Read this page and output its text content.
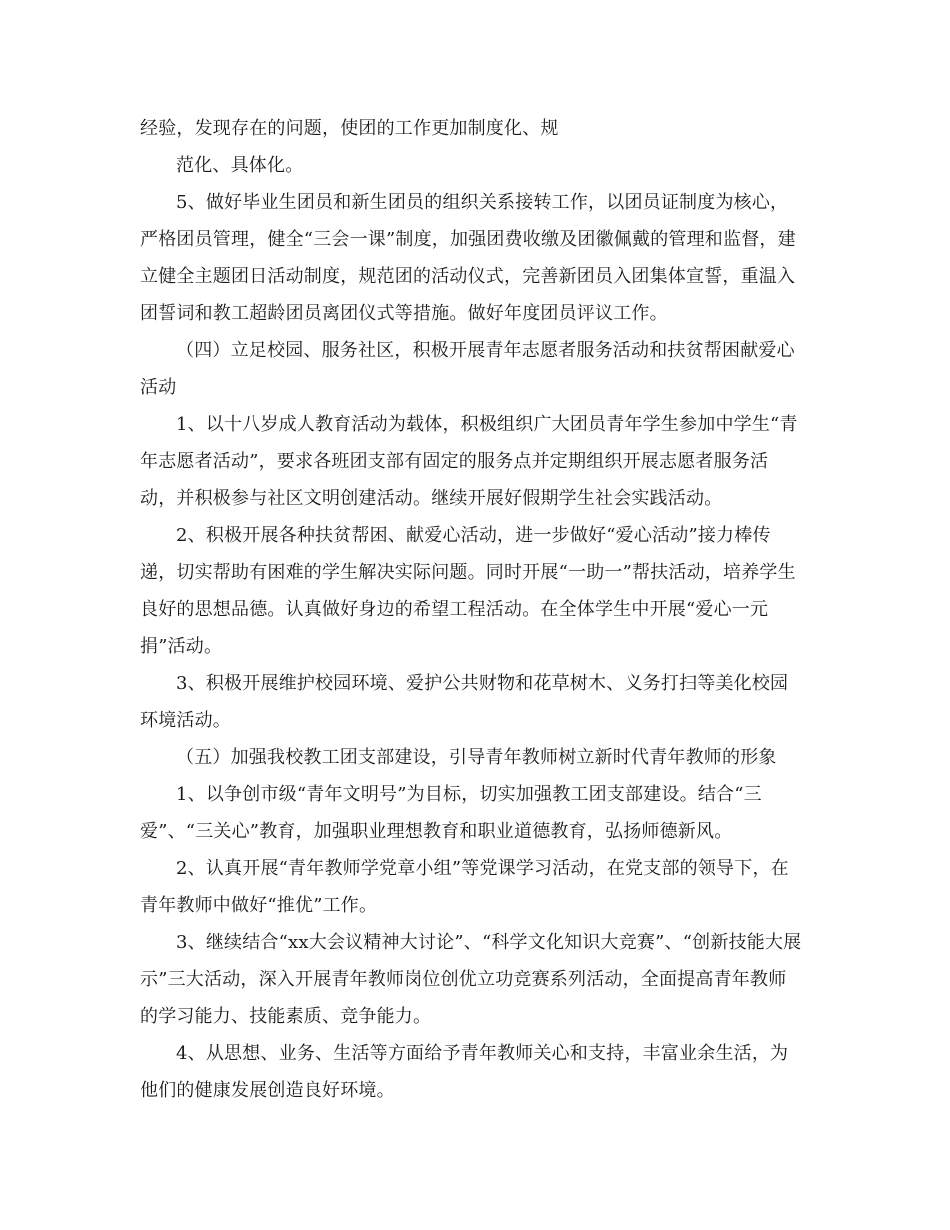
经验，发现存在的问题，使团的工作更加制度化、规
范化、具体化。
5、做好毕业生团员和新生团员的组织关系接转工作，以团员证制度为核心，
严格团员管理，健全“三会一课”制度，加强团费收缴及团徽佩戴的管理和监督，建
立健全主题团日活动制度，规范团的活动仪式，完善新团员入团集体宣誓，重温入
团誓词和教工超龄团员离团仪式等措施。做好年度团员评议工作。
（四）立足校园、服务社区，积极开展青年志愿者服务活动和扶贫帮困献爱心
活动
1、以十八岁成人教育活动为载体，积极组织广大团员青年学生参加中学生“青
年志愿者活动”，要求各班团支部有固定的服务点并定期组织开展志愿者服务活
动，并积极参与社区文明创建活动。继续开展好假期学生社会实践活动。
2、积极开展各种扶贫帮困、献爱心活动，进一步做好“爱心活动”接力棒传
递，切实帮助有困难的学生解决实际问题。同时开展“一助一”帮扶活动，培养学生
良好的思想品德。认真做好身边的希望工程活动。在全体学生中开展“爱心一元
捐”活动。
3、积极开展维护校园环境、爱护公共财物和花草树木、义务打扫等美化校园
环境活动。
（五）加强我校教工团支部建设，引导青年教师树立新时代青年教师的形象
1、以争创市级“青年文明号”为目标，切实加强教工团支部建设。结合“三
爱”、“三关心”教育，加强职业理想教育和职业道德教育，弘扬师德新风。
2、认真开展“青年教师学党章小组”等党课学习活动，在党支部的领导下，在
青年教师中做好“推优”工作。
3、继续结合“xx大会议精神大讨论”、“科学文化知识大竞赛”、“创新技能大展
示”三大活动，深入开展青年教师岗位创优立功竞赛系列活动，全面提高青年教师
的学习能力、技能素质、竞争能力。
4、从思想、业务、生活等方面给予青年教师关心和支持，丰富业余生活，为
他们的健康发展创造良好环境。
